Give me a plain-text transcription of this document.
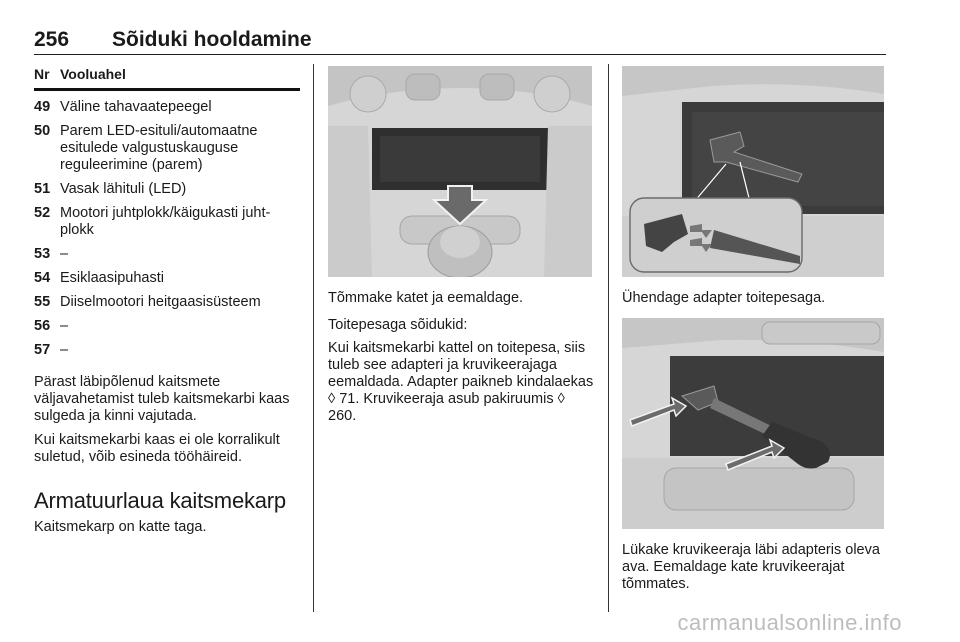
256 Sõiduki hooldamine
Nr Vooluahel
49	Väline tahavaatepeegel
50	Parem LED-esituli/automaatne esitulede valgustuskauguse reguleerimine (parem)
51	Vasak lähituli (LED)
52	Mootori juhtplokk/käigukasti juht- plokk
53	–
54	Esiklaasipuhasti
55	Diiselmootori heitgaasisüsteem
56	–
57	–

Pärast läbipõlenud kaitsmete väljavahetamist tuleb kaitsmekarbi kaas sulgeda ja kinni vajutada.

Kui kaitsmekarbi kaas ei ole korralikult suletud, võib esineda tööhäireid.

Armatuurlaua kaitsmekarp

Kaitsmekarp on katte taga.

Tõmmake katet ja eemaldage.
Toitepesaga sõidukid:
Kui kaitsmekarbi kattel on toitepesa, siis tuleb see adapteri ja kruvikeerajaga eemaldada. Adapter paikneb kindalaekas ◊ 71. Kruvikeeraja asub pakiruumis ◊ 260.
Ühendage adapter toitepesaga.
Lükake kruvikeeraja läbi adapteris oleva ava. Eemaldage kate kruvikeerajat tõmmates.
carmanualsonline.info
